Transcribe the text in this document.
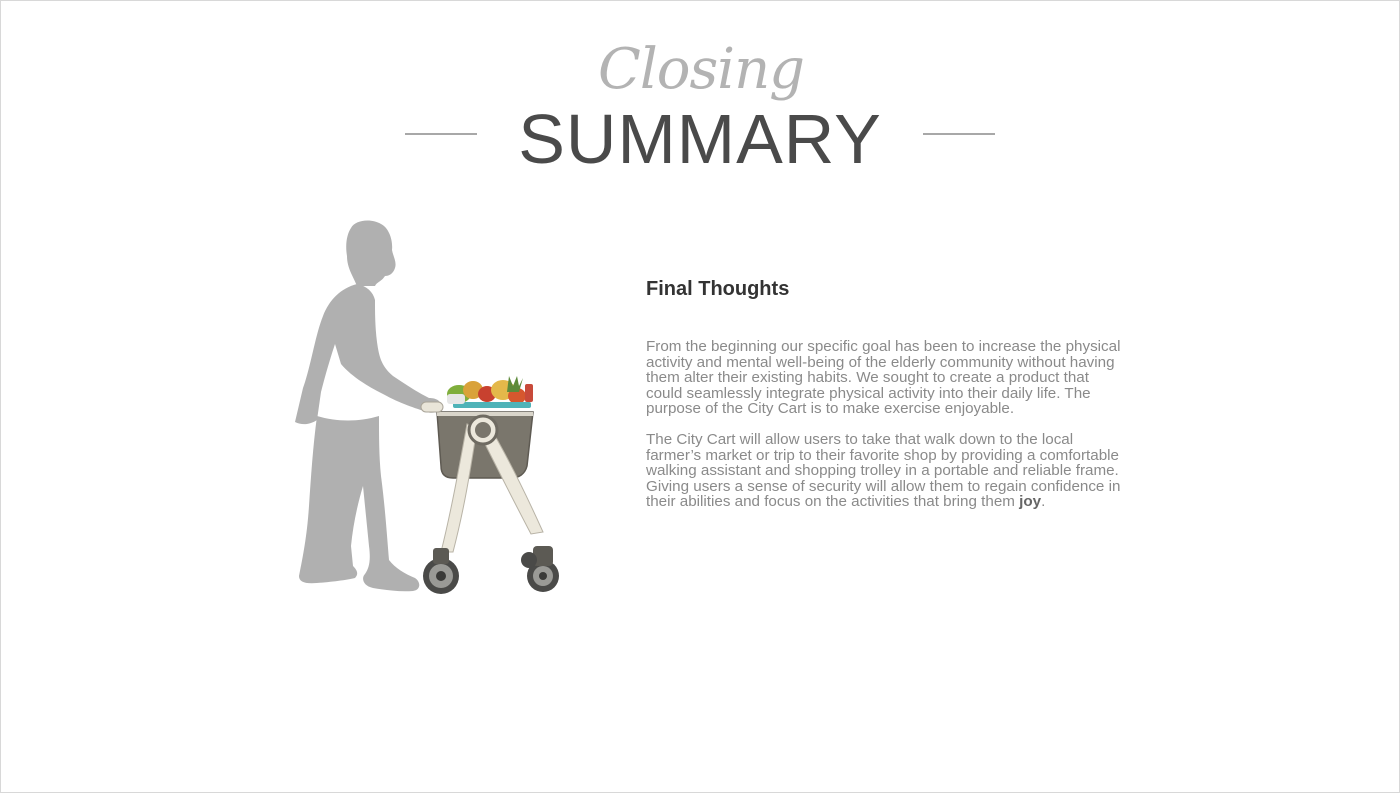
Closing
SUMMARY
Final Thoughts

From the beginning our specific goal has been to increase the physical activity and mental well-being of the elderly community without having them alter their existing habits. We sought to create a product that could seamlessly integrate physical activity into their daily life. The purpose of the City Cart is to make exercise enjoyable.

The City Cart will allow users to take that walk down to the local farmer’s market or trip to their favorite shop by providing a comfortable walking assistant and shopping trolley in a portable and reliable frame. Giving users a sense of security will allow them to regain confidence in their abilities and focus on the activities that bring them joy.
